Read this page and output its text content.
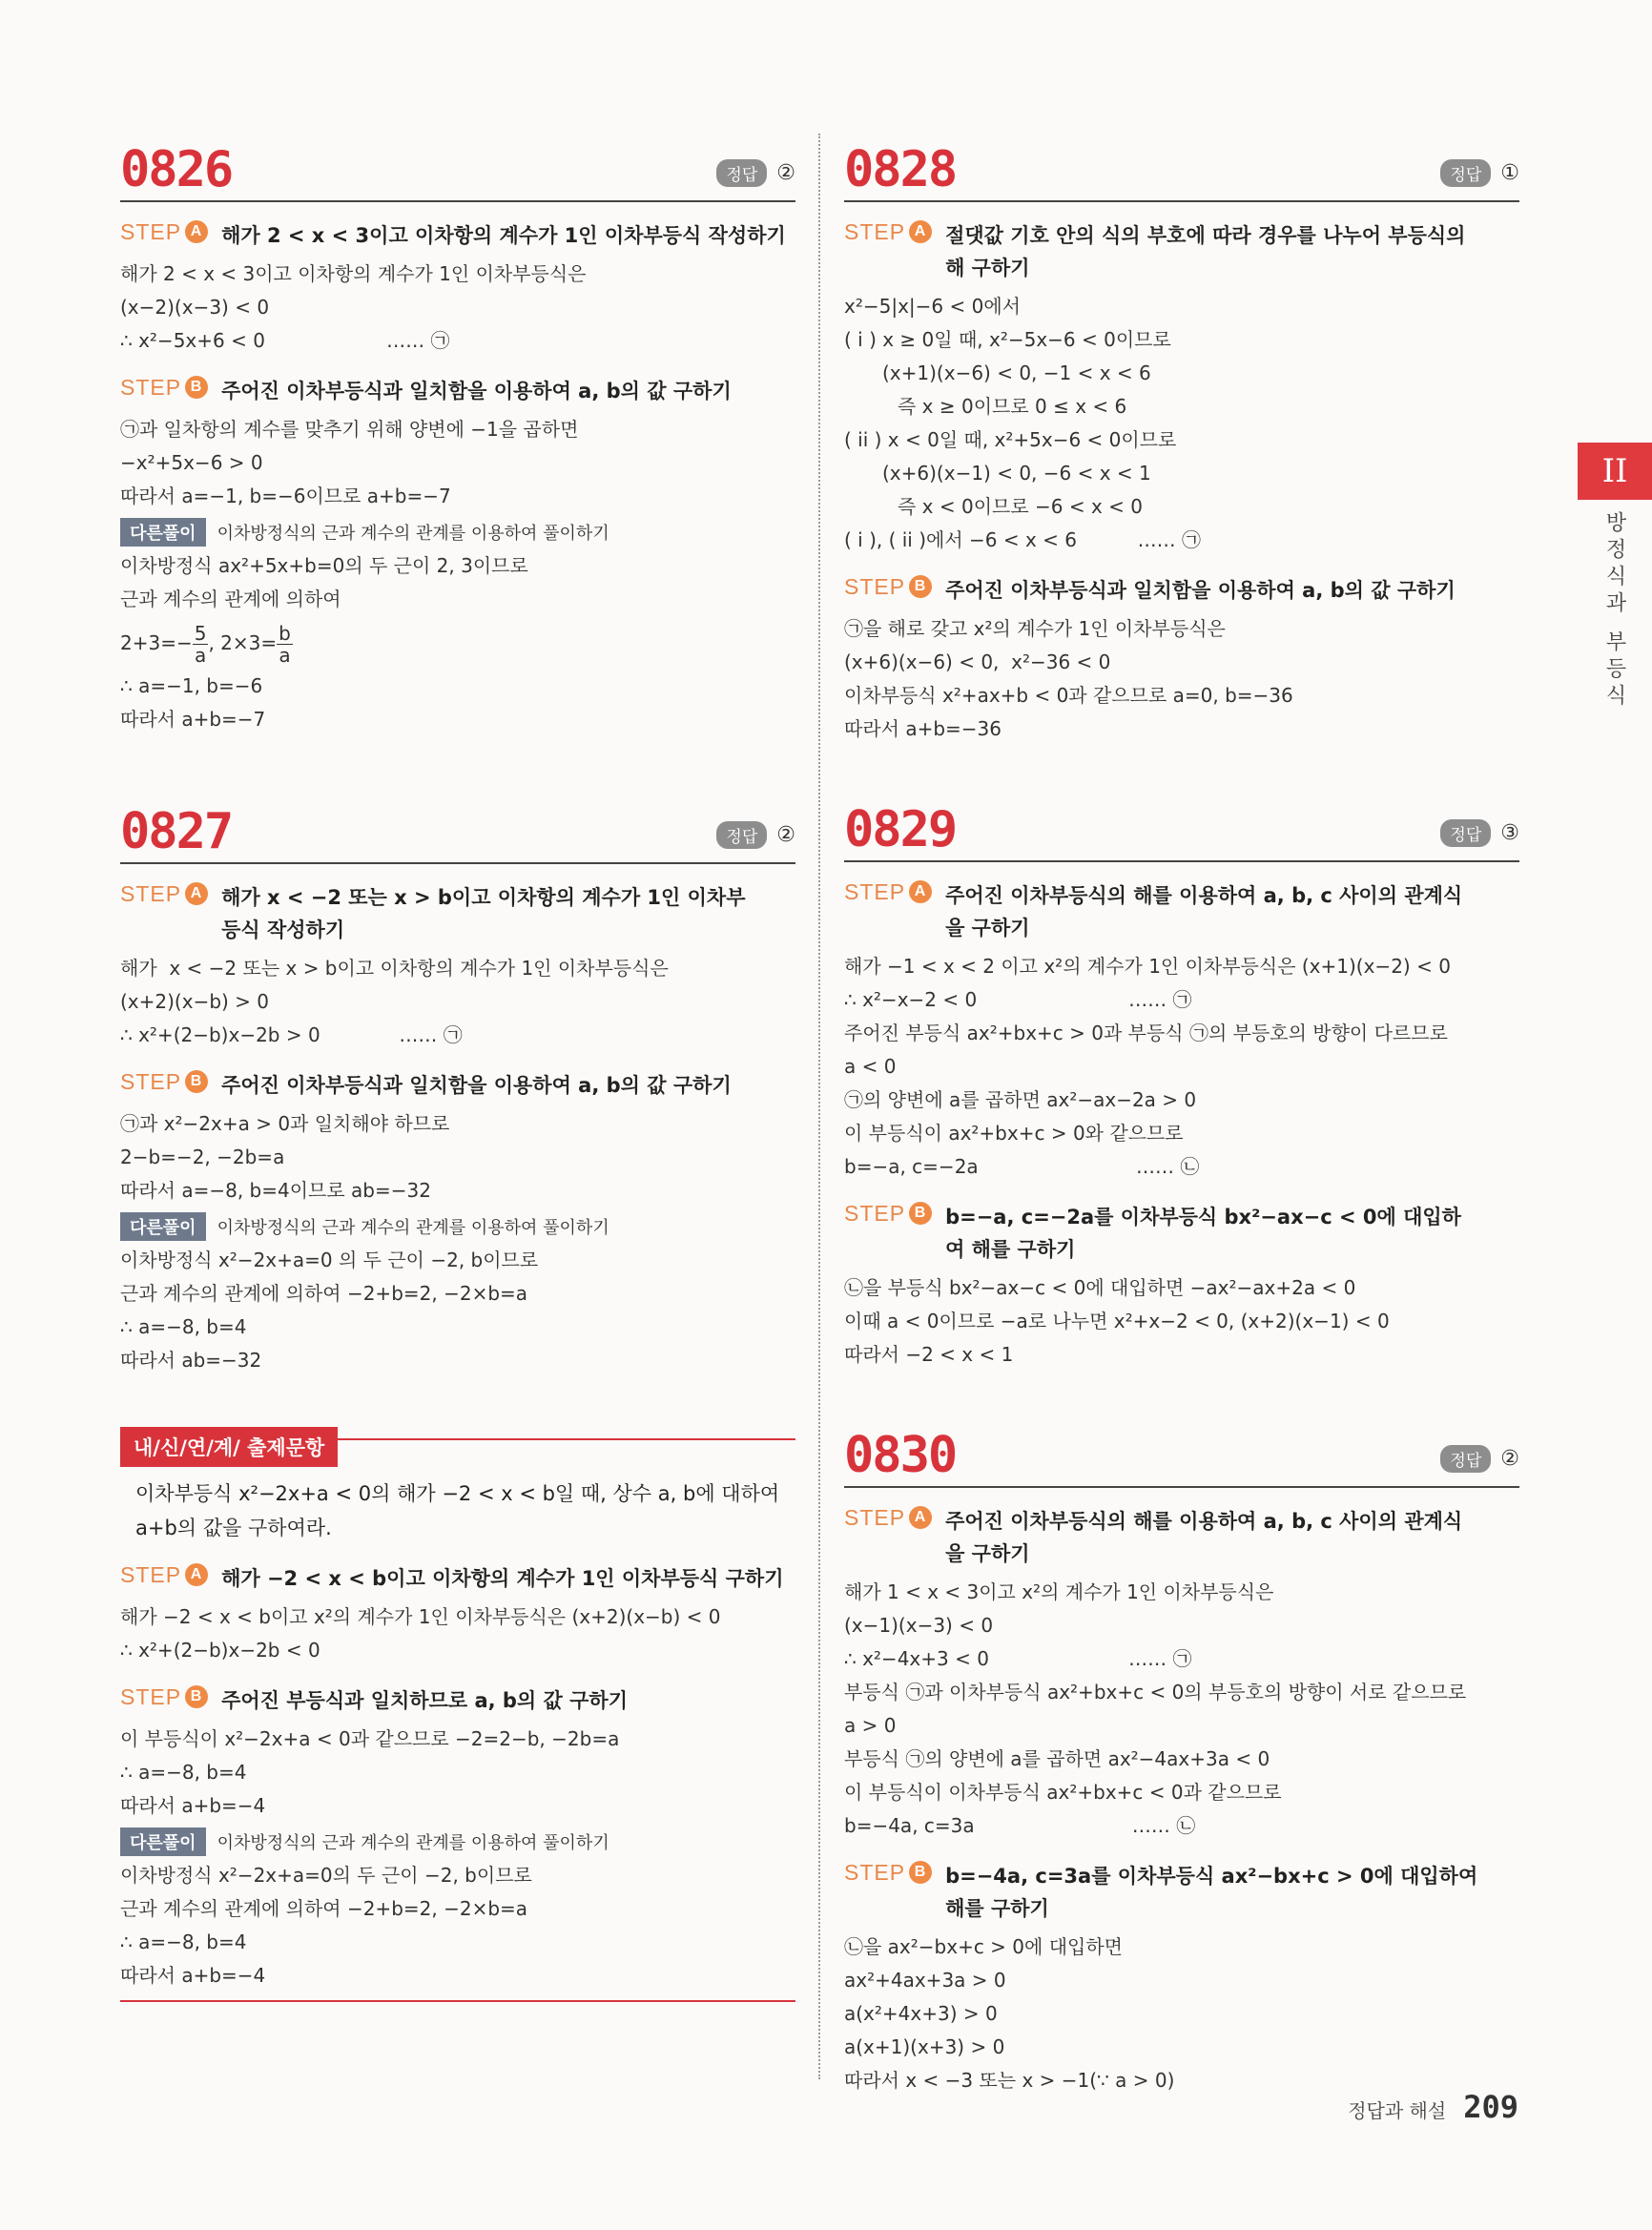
II
방정식과 부등식
0826	정답 ②
STEP A 해가 2 < x < 3이고 이차항의 계수가 1인 이차부등식 작성하기
해가 2 < x < 3이고 이차항의 계수가 1인 이차부등식은
(x−2)(x−3) < 0
∴ x²−5x+6 < 0                    …… ㉠
STEP B 주어진 이차부등식과 일치함을 이용하여 a, b의 값 구하기
㉠과 일차항의 계수를 맞추기 위해 양변에 −1을 곱하면
−x²+5x−6 > 0
따라서 a=−1, b=−6이므로 a+b=−7
다른풀이	이차방정식의 근과 계수의 관계를 이용하여 풀이하기
이차방정식 ax²+5x+b=0의 두 근이 2, 3이므로
근과 계수의 관계에 의하여
$2+3=- \frac{5}{a}$ , $2\times 3= \frac{b}{a}$
∴ a=−1, b=−6
따라서 a+b=−7
0827	정답 ②
STEP A 해가 x < −2 또는 x > b이고 이차항의 계수가 1인 이차부등식 작성하기
해가  x < −2 또는 x > b이고 이차항의 계수가 1인 이차부등식은
(x+2)(x−b) > 0
∴ x²+(2−b)x−2b > 0             …… ㉠
STEP B 주어진 이차부등식과 일치함을 이용하여 a, b의 값 구하기
㉠과 x²−2x+a > 0과 일치해야 하므로
2−b=−2, −2b=a
따라서 a=−8, b=4이므로 ab=−32
다른풀이	이차방정식의 근과 계수의 관계를 이용하여 풀이하기
이차방정식 x²−2x+a=0 의 두 근이 −2, b이므로
근과 계수의 관계에 의하여 −2+b=2, −2×b=a
∴ a=−8, b=4
따라서 ab=−32
내/신/연/계/ 출제문항
이차부등식 x²−2x+a < 0의 해가 −2 < x < b일 때, 상수 a, b에 대하여 a+b의 값을 구하여라.
STEP A 해가 −2 < x < b이고 이차항의 계수가 1인 이차부등식 구하기
해가 −2 < x < b이고 x²의 계수가 1인 이차부등식은 (x+2)(x−b) < 0
∴ x²+(2−b)x−2b < 0
STEP B 주어진 부등식과 일치하므로 a, b의 값 구하기
이 부등식이 x²−2x+a < 0과 같으므로 −2=2−b, −2b=a
∴ a=−8, b=4
따라서 a+b=−4
다른풀이	이차방정식의 근과 계수의 관계를 이용하여 풀이하기
이차방정식 x²−2x+a=0의 두 근이 −2, b이므로
근과 계수의 관계에 의하여 −2+b=2, −2×b=a
∴ a=−8, b=4
따라서 a+b=−4
0828	정답 ①
STEP A 절댓값 기호 안의 식의 부호에 따라 경우를 나누어 부등식의 해 구하기
x²−5|x|−6 < 0에서
( i ) x ≥ 0일 때, x²−5x−6 < 0이므로
(x+1)(x−6) < 0, −1 < x < 6
즉 x ≥ 0이므로 0 ≤ x < 6
( ii ) x < 0일 때, x²+5x−6 < 0이므로
(x+6)(x−1) < 0, −6 < x < 1
즉 x < 0이므로 −6 < x < 0
( i ), ( ii )에서 −6 < x < 6          …… ㉠
STEP B 주어진 이차부등식과 일치함을 이용하여 a, b의 값 구하기
㉠을 해로 갖고 x²의 계수가 1인 이차부등식은
(x+6)(x−6) < 0,  x²−36 < 0
이차부등식 x²+ax+b < 0과 같으므로 a=0, b=−36
따라서 a+b=−36
0829	정답 ③
STEP A 주어진 이차부등식의 해를 이용하여 a, b, c 사이의 관계식을 구하기
해가 −1 < x < 2 이고 x²의 계수가 1인 이차부등식은 (x+1)(x−2) < 0
∴ x²−x−2 < 0                         …… ㉠
주어진 부등식 ax²+bx+c > 0과 부등식 ㉠의 부등호의 방향이 다르므로
a < 0
㉠의 양변에 a를 곱하면 ax²−ax−2a > 0
이 부등식이 ax²+bx+c > 0와 같으므로
b=−a, c=−2a                          …… ㉡
STEP B b=−a, c=−2a를 이차부등식 bx²−ax−c < 0에 대입하여 해를 구하기
㉡을 부등식 bx²−ax−c < 0에 대입하면 −ax²−ax+2a < 0
이때 a < 0이므로 −a로 나누면 x²+x−2 < 0, (x+2)(x−1) < 0
따라서 −2 < x < 1
0830	정답 ②
STEP A 주어진 이차부등식의 해를 이용하여 a, b, c 사이의 관계식을 구하기
해가 1 < x < 3이고 x²의 계수가 1인 이차부등식은
(x−1)(x−3) < 0
∴ x²−4x+3 < 0                       …… ㉠
부등식 ㉠과 이차부등식 ax²+bx+c < 0의 부등호의 방향이 서로 같으므로
a > 0
부등식 ㉠의 양변에 a를 곱하면 ax²−4ax+3a < 0
이 부등식이 이차부등식 ax²+bx+c < 0과 같으므로
b=−4a, c=3a                          …… ㉡
STEP B b=−4a, c=3a를 이차부등식 ax²−bx+c > 0에 대입하여 해를 구하기
㉡을 ax²−bx+c > 0에 대입하면
ax²+4ax+3a > 0
a(x²+4x+3) > 0
a(x+1)(x+3) > 0
따라서 x < −3 또는 x > −1(∵ a > 0)
정답과 해설 209
